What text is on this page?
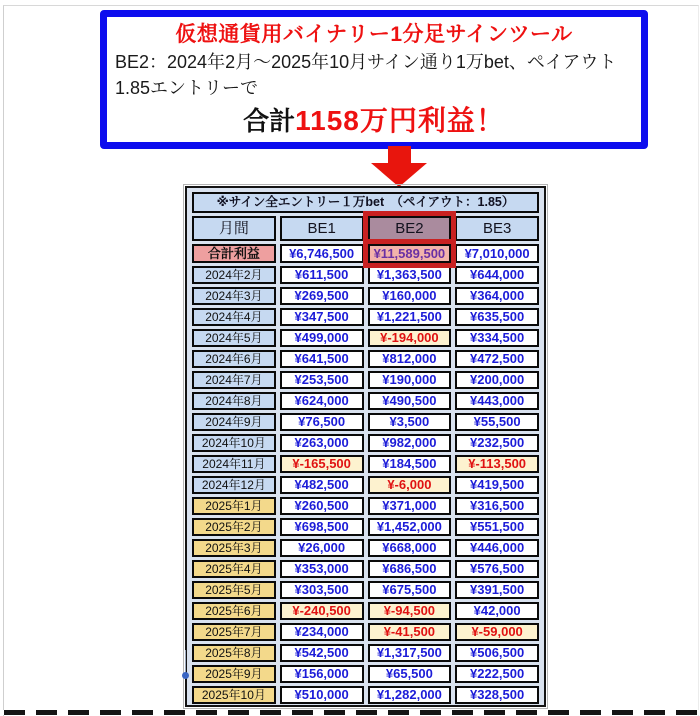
仮想通貨用バイナリー1分足サインツール
BE2：2024年2月～2025年10月サイン通り1万bet、ペイアウト1.85エントリーで
合計1158万円利益！
※サイン全エントリー１万bet　（ペイアウト：1.85）			
月間	BE1	BE2	BE3
合計利益	¥6,746,500	¥11,589,500	¥7,010,000
2024年2月	¥611,500	¥1,363,500	¥644,000
2024年3月	¥269,500	¥160,000	¥364,000
2024年4月	¥347,500	¥1,221,500	¥635,500
2024年5月	¥499,000	¥-194,000	¥334,500
2024年6月	¥641,500	¥812,000	¥472,500
2024年7月	¥253,500	¥190,000	¥200,000
2024年8月	¥624,000	¥490,500	¥443,000
2024年9月	¥76,500	¥3,500	¥55,500
2024年10月	¥263,000	¥982,000	¥232,500
2024年11月	¥-165,500	¥184,500	¥-113,500
2024年12月	¥482,500	¥-6,000	¥419,500
2025年1月	¥260,500	¥371,000	¥316,500
2025年2月	¥698,500	¥1,452,000	¥551,500
2025年3月	¥26,000	¥668,000	¥446,000
2025年4月	¥353,000	¥686,500	¥576,500
2025年5月	¥303,500	¥675,500	¥391,500
2025年6月	¥-240,500	¥-94,500	¥42,000
2025年7月	¥234,000	¥-41,500	¥-59,000
2025年8月	¥542,500	¥1,317,500	¥506,500
2025年9月	¥156,000	¥65,500	¥222,500
2025年10月	¥510,000	¥1,282,000	¥328,500
